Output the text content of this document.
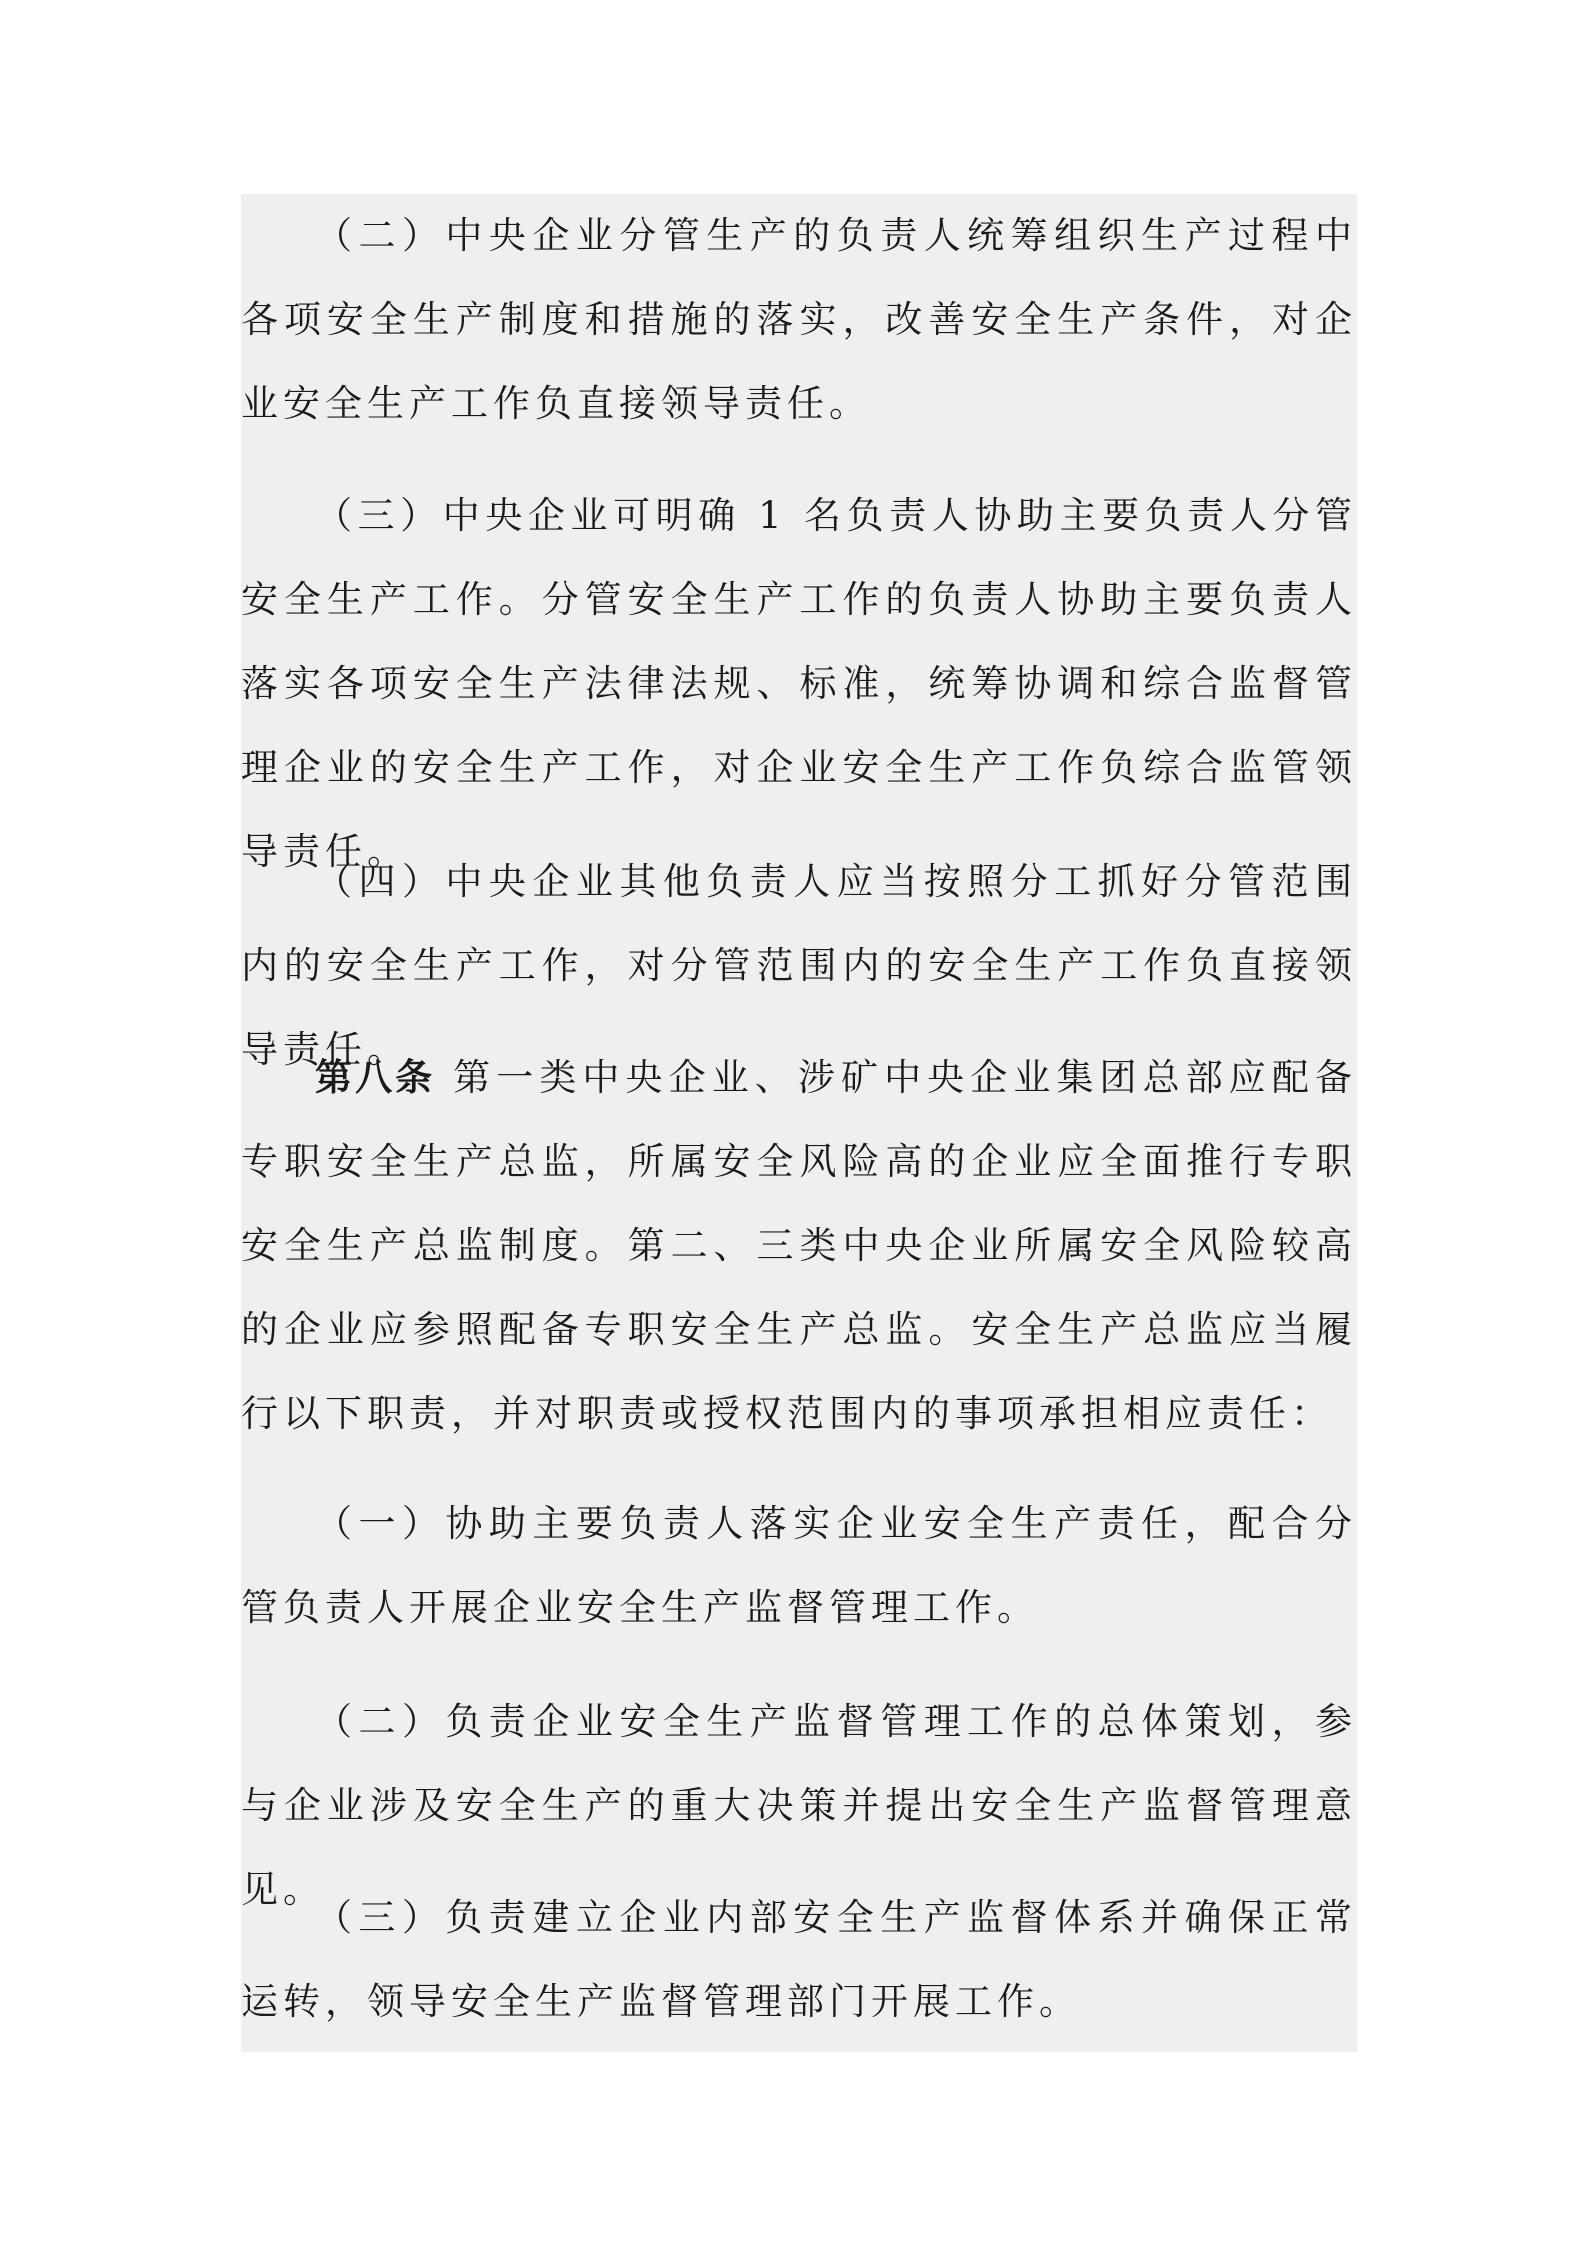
（二）中央企业分管生产的负责人统筹组织生产过程中各项安全生产制度和措施的落实，改善安全生产条件，对企业安全生产工作负直接领导责任。

（三）中央企业可明确 1 名负责人协助主要负责人分管安全生产工作。分管安全生产工作的负责人协助主要负责人落实各项安全生产法律法规、标准，统筹协调和综合监督管理企业的安全生产工作，对企业安全生产工作负综合监管领导责任。

（四）中央企业其他负责人应当按照分工抓好分管范围内的安全生产工作，对分管范围内的安全生产工作负直接领导责任。

第八条 第一类中央企业、涉矿中央企业集团总部应配备专职安全生产总监，所属安全风险高的企业应全面推行专职安全生产总监制度。第二、三类中央企业所属安全风险较高的企业应参照配备专职安全生产总监。安全生产总监应当履行以下职责，并对职责或授权范围内的事项承担相应责任：

（一）协助主要负责人落实企业安全生产责任，配合分管负责人开展企业安全生产监督管理工作。

（二）负责企业安全生产监督管理工作的总体策划，参与企业涉及安全生产的重大决策并提出安全生产监督管理意见。

（三）负责建立企业内部安全生产监督体系并确保正常运转，领导安全生产监督管理部门开展工作。
